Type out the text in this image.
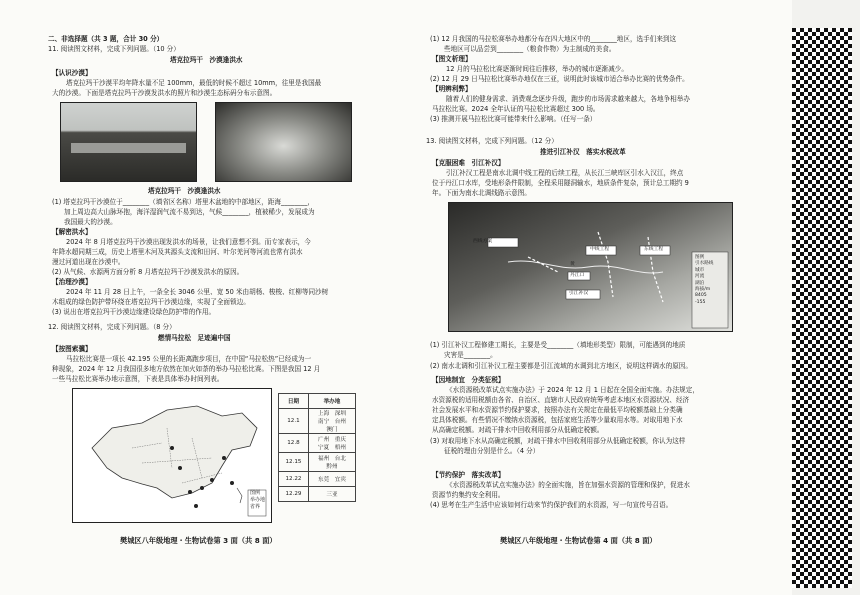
二、非选择题（共 3 题，合计 30 分）
11. 阅读图文材料，完成下列问题。（10 分）
塔克拉玛干　沙漠逢洪水
【认识沙漠】
塔克拉玛干沙漠平均年降水量不足 100mm，最低的时候不超过 10mm，往里是我国最
大的沙漠。下面是塔克拉玛干沙漠发洪水的照片和沙漠生态标码分布示意图。
塔克拉玛干　沙漠逢洪水
(1) 塔克拉玛干沙漠位于________（填省区名称）塔里木盆地的中部地区，距海________，
加上周边高大山脉环抱，海洋湿润气流不易到达，气候________，植被稀少，发展成为
我国最大的沙漠。
【解密洪水】
2024 年 8 月塔克拉玛干沙漠出现发洪水的场景，让我们意想不到。而专家表示，今
年降水超同期三成，历史上塔里木河及其源头支流和田河、叶尔羌河等河流也常有洪水
漫过河道出现在沙漠中。
(2) 从气候、水源两方面分析 8 月塔克拉玛干沙漠发洪水的原因。
【治理沙漠】
2024 年 11 月 28 日上午，一条全长 3046 公里、宽 50 米由胡杨、梭梭、红柳等同沙树
木组成的绿色防护带环绕在塔克拉玛干沙漠边缘，实现了全面锁边。
(3) 说出在塔克拉玛干沙漠边缘建设绿色防护带的作用。
12. 阅读图文材料，完成下列问题。（8 分）
燃情马拉松　足迹遍中国
【按图索骥】
马拉松比赛是一项长 42.195 公里的长距离跑步项目，在中国“马拉松热”已经成为一
种现象，2024 年 12 月我国很多地方依然在加火如荼的举办马拉松比赛。下图是我国 12 月
一些马拉松比赛举办地示意图，下表是具体举办时间列表。
图例
举办地
省界
日期	举办地
12.1	上海　深圳
南宁　台州
澳门
12.8	广州　重庆
宁夏　梧州
12.15	福州　台北
黔州
12.22	东莞　宜宾
12.29	三亚
樊城区八年级地理・生物试卷第 3 面（共 8 面）
(1) 12 月我国的马拉松赛举办地都分布在四大地区中的________地区，选手们来到这
些地区可以品尝到________（粮食作物）为主制成的美食。
【图文析理】
12 月的马拉松比赛逐渐时间往后推移，举办的城市逐渐减少。
(2) 12 月 29 日马拉松比赛举办地仅在三亚，说明此时该城市适合举办比赛的优势条件。
【明辨利弊】
随着人们的健身需求、消费观念逐步升级，跑步的市场需求越来越大，各地争相举办
马拉松比赛。2024 全年认证的马拉松比赛超过 300 场。
(3) 推测开展马拉松比赛可能带来什么影响。（任写一条）
13. 阅读图文材料，完成下列问题。（12 分）
推进引江补汉　落实水税改革
【克服困难　引江补汉】
引江补汉工程是南水北调中线工程的后续工程，从长江三峡库区引水入汉江，终点
位于丹江口水库，受地形条件限制，全程采用隧洞输水，地质条件复杂，预计总工期约 9
年。下面为南水北调线路示意图。
西线方案
中线工程	东线工程
黄
丹江口
引江补汉
图例
引水路线
城市
河流
湖泊
海拔/m
8405
-155
(1) 引江补汉工程修建工期长，主要是受________（填地形类型）限制，可能遇到的地质
灾害是________。
(2) 南水北调和引江补汉工程主要都是引江流域的水调到北方地区，说明这样调水的原因。
【因地制宜　分类征税】
《水资源税改革试点实施办法》于 2024 年 12 月 1 日起在全国全面实施。办法规定，
水资源税的适用税额由各省、自治区、直辖市人民政府统筹考虑本地区水资源状况、经济
社会发展水平和水资源节约保护要求，按照办法有关规定在最低平均税额基础上分类确
定具体税额。有些情况不缴纳水资源税，包括家庭生活等少量取用水等。对取用地下水
从高确定税额。对疏干排水中回收利用部分从低确定税额。
(3) 对取用地下水从高确定税额，对疏干排水中回收利用部分从低确定税额，你认为这样
征税的理由分别是什么。（4 分）
【节约保护　落实改革】
《水资源税改革试点实施办法》的全面实施，旨在加强水资源的管理和保护，促进水
资源节约集约安全利用。
(4) 思考在生产生活中应该如何行动来节约保护我们的水资源，写一句宣传号召语。
樊城区八年级地理・生物试卷第 4 面（共 8 面）
